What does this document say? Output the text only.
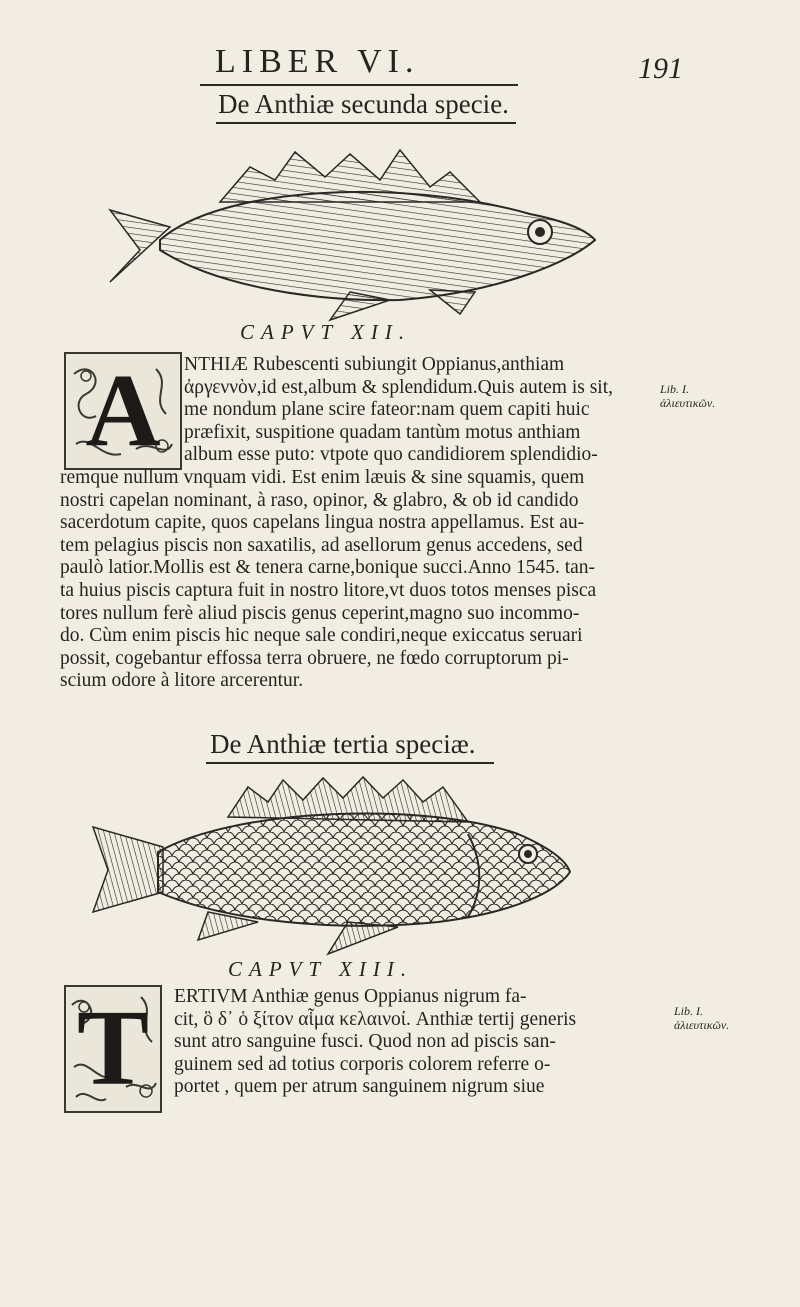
LIBER VI.	191
De Anthiæ secunda specie.
CAPVT XII.
A	NTHIÆ Rubescenti subiungit Oppianus,anthiam
ἀργεννὸν,id est,album & splendidum.Quis autem is sit,
me nondum plane scire fateor:nam quem capiti huic
præfixit, suspitione quadam tantùm motus anthiam
album esse puto: vtpote quo candidiorem splendidio-
remque nullum vnquam vidi. Est enim læuis & sine squamis, quem
nostri capelan nominant, à raso, opinor, & glabro, & ob id candido
sacerdotum capite, quos capelans lingua nostra appellamus. Est au-
tem pelagius piscis non saxatilis, ad asellorum genus accedens, sed
paulò latior.Mollis est & tenera carne,bonique succi.Anno 1545. tan-
ta huius piscis captura fuit in nostro litore,vt duos totos menses pisca
tores nullum ferè aliud piscis genus ceperint,magno suo incommo-
do. Cùm enim piscis hic neque sale condiri,neque exiccatus seruari
possit, cogebantur effossa terra obruere, ne fœdo corruptorum pi-
scium odore à litore arcerentur.
Lib. I. ἀλιευτικῶν.
De Anthiæ tertia speciæ.
CAPVT XIII.
T	ERTIVM Anthiæ genus Oppianus nigrum fa-
cit, ὃ δ᾽ ὁ ξίτον αἷμα κελαινοί. Anthiæ tertij generis
sunt atro sanguine fusci. Quod non ad piscis san-
guinem sed ad totius corporis colorem referre o-
portet , quem per atrum sanguinem nigrum siue
Lib. I. ἀλιευτικῶν.
